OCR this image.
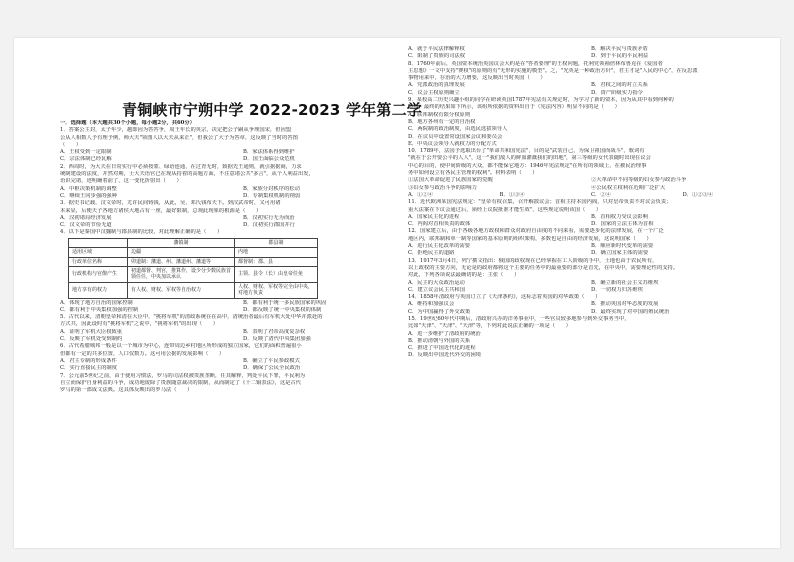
青铜峡市宁朔中学 2022-2023 学年第二学

一．选择题（本大题共30个小题，每小题2分，共60分）

1．答案公主封，太子年少，越即因为答答争，周王年长的英宗，决定把公子嗣从争理国宋，但因盟

公从人相数人予有理予例，师大夫"领图人以大夫从来正"，但我公了大子为答章，这反映了当时的答图

（　　）

A．王权受到一定限制	B．家法体系得到维护
C．宗法体制已经瓦解	D．国王面临公众危机

2．西周时，为大夫在日常实行中必须按蒙、绿语连通，在过青无时，致据先王通则，就引据据商，力求

统制建设的法度，并然对期，士大夫语官已在现从持着的高题方面，不注意诸公共"多言"，从个人利益出发，

语识完诸，迹明确着前了，这一变化折射出（　　）

A．中枢决策机制的调整	B．家族分封秩序的松动
C．继续王同步强的强种	D．专制集权机制的削弱

3．据史书记载，汉文帝时，尤许民间铸钱，从此，吴、邓氏钱布天下。到汉武帝时，又可用诸

本来显，后便天子各地方诸侯大地占有一座，最好限制，总观此现象的根源是（　　）

A．汉初诸局经济发展	B．汉初实行无为而治
C．汉文帝的节俭无道	D．汉初实行郡国并行

4．以下是秦国中汉魏制与郡县制的比较，对此理解正确的是（　　）

	藩镇制	郡县制
适用区域	边疆	内地
行政单位名称	卯道制：藩道、州、藩道州、藩道等	都督制：郡、县
行政机构与官僚产生	初道都督、判官，推算作，设少分少数民族首领任任，中央加以承认	主领、县令（长）由皇帝任免
地方享有的权力	有人权、财权、军权等自治权力	人权、财权、军权等完全由中央，对地方负责
A．体现了地方自治的国家控制	B．都有利于统一多民族国家的巩固
C．都有利于中央集权加强的控制	D．都反映了统一中央集权的体制

5．古代以来，清朝皇帝和清在大臣中，"挑将军机"的清政系统在在高中，清统治者最后有军机大处中华并派赴的

方式共，因此设时有"挑将军机"之说中，"挑将军机"的出现（　　）

A．证明了军机大臣权致重	B．表明了君帝高度复杂权
C．反映了军机处受到制约	D．反映了清代中央集团加强

6．古代希腊城邦一般是以一个城市为中心，连带周边乡村地区所形成的独立国家，它们的面积普遍很小

但都有一定的共多位置，人口仅数万。这可用公据的发展影响（　　）

A．君主专制的形成条件	B．确立了平民参政模式
C．实行直接民主的制度	D．确保了公民全民政治

7．公元前5世纪之前，由于使用习惯法，罗马的司法权被贵族垄断，任其解释，判处平民下罪，平民利为

自立而保护自身利益的斗争，成功地废除了贵族随意裁决的限制，从而制定了《十二铜表法》，这是古代

罗马的第一部成文法典。这具体反映出的罗马法（　　）

A．就于平民法律解释权	B．解决平民与贵族矛盾
C．限制了贵族的司法权	D．到于平民的平民利益

8．1760年前后，英国资本统治英国议会大约是在"答者要理"的王权问题，托利党领袖倍林布鲁克在《爱国者

主思想》一文中支持"赛权"的原则的有"无形的实施的模型"。之，"光英是一种政治方针"，君主才是"人民的中心"，在反思派

事物用来中，存治的大力增要，这反映出当时英国（　　）

A．党派政治的真理发展	B．君权之间的对立关系
C．议会主权原则确立	D．资产阶级实力指令

9．某校高二历史兴趣小组的同学在研读英国1787年宪法有关规定时，为学习了新的资本，因为从其中看到何种的

特点，最终的结果如下所示，该组所依据的资料出自于（宪法内容）明显不同的是（　　）

A．联邦制权有限分权原则

B．地方各州有一定的自治权

C．两院制的政治制度，由选民选拔领导人

D．在议员中设置常设国家会议和委员会

E．中央议会领导人就权力的分配方式

10．1789年，法国予选取出台了"革命共和国宪法"，目的是"武装自己，为保卫祖国而战斗"，歌词有

"就在于公开要公平的人人"，这一"我们敌人的鲜血灌溉我们的田地"，第三等级的女代表随时出现在议会

中心的目的，使中间阶级的大众，都不能保它地方：1946年宪法规定"在所有的领域上，在被民治理事

务中如何设立有各民主管理的权利"。材料表明（　　）

①法国大革命促进了民族国家的觉醒	②大革命中不同等级的妇女参与政治斗争
③妇女参与政治斗争的影响力	④公民权主权利在近期广泛扩大
A．①②④	B．①③④	C．②④	D．①②③④

11．近代欧洲某国宪法规定："皇帝有权召集、召开解散议会；首相主持本国内阁，只对皇帝负责不对议会负责；

重大法案在下议会通过后，须经上议院批准才能生效"，这些规定说明该国（　　）

A．国家民主化的进程	B．首相权力受议会影响
C．内阁对首相负责的政体	D．国家的立法主体为首相

12．国家建立后，由于各级各地方政权和群众对政府自由度的不同来看，需要逐步化的法律发展，在一个广泛

地区内，联邦制和单一制等国家的基本原则的组织架构，多数也是自由的经济发展，这说明国家（　　）

A．进行民主化改革的需要	B．顺应新时代变革的需要
C．拒绝民主的道路	D．确立国家主体的需要

13．1917年3月4日，列宁撰文指出：俄国的政权现在已经掌握在工人阶级的手中，土地也由于农民所有，

以上政权的主要方向，无论是的政府都将这个主要的任务中的最重要的部分是首先，在中央中，需要理论性的支持。

对此，下列各项说法最确切的是：主张（　　）

A．民主的大众政治运动	B．确立新的社会主义苏维埃
C．建立议会民主共和国	D．一切权力归苏维埃

14．1858年清政府与英国订立了《天津条约》，这标志着英国的对华政策（　　）

A．维持和加强议会	B．推动英国对华态度的发展
C．为中国赢得了外交政策	D．最终实现了对中国的殖民统治

15．19世纪60年代中期后，清政府兴办的洋务事业中，一些官员较多地参与到外交事务当中，

比如"天津"、"天津"、"天津"等，下列对此说法正确的一项是（　　）

A．进一步维护了清政府的统治

B．推动清朝与外国的关系

C．推进了中国近代化的进程

D．反映出中国近代外交的困境
